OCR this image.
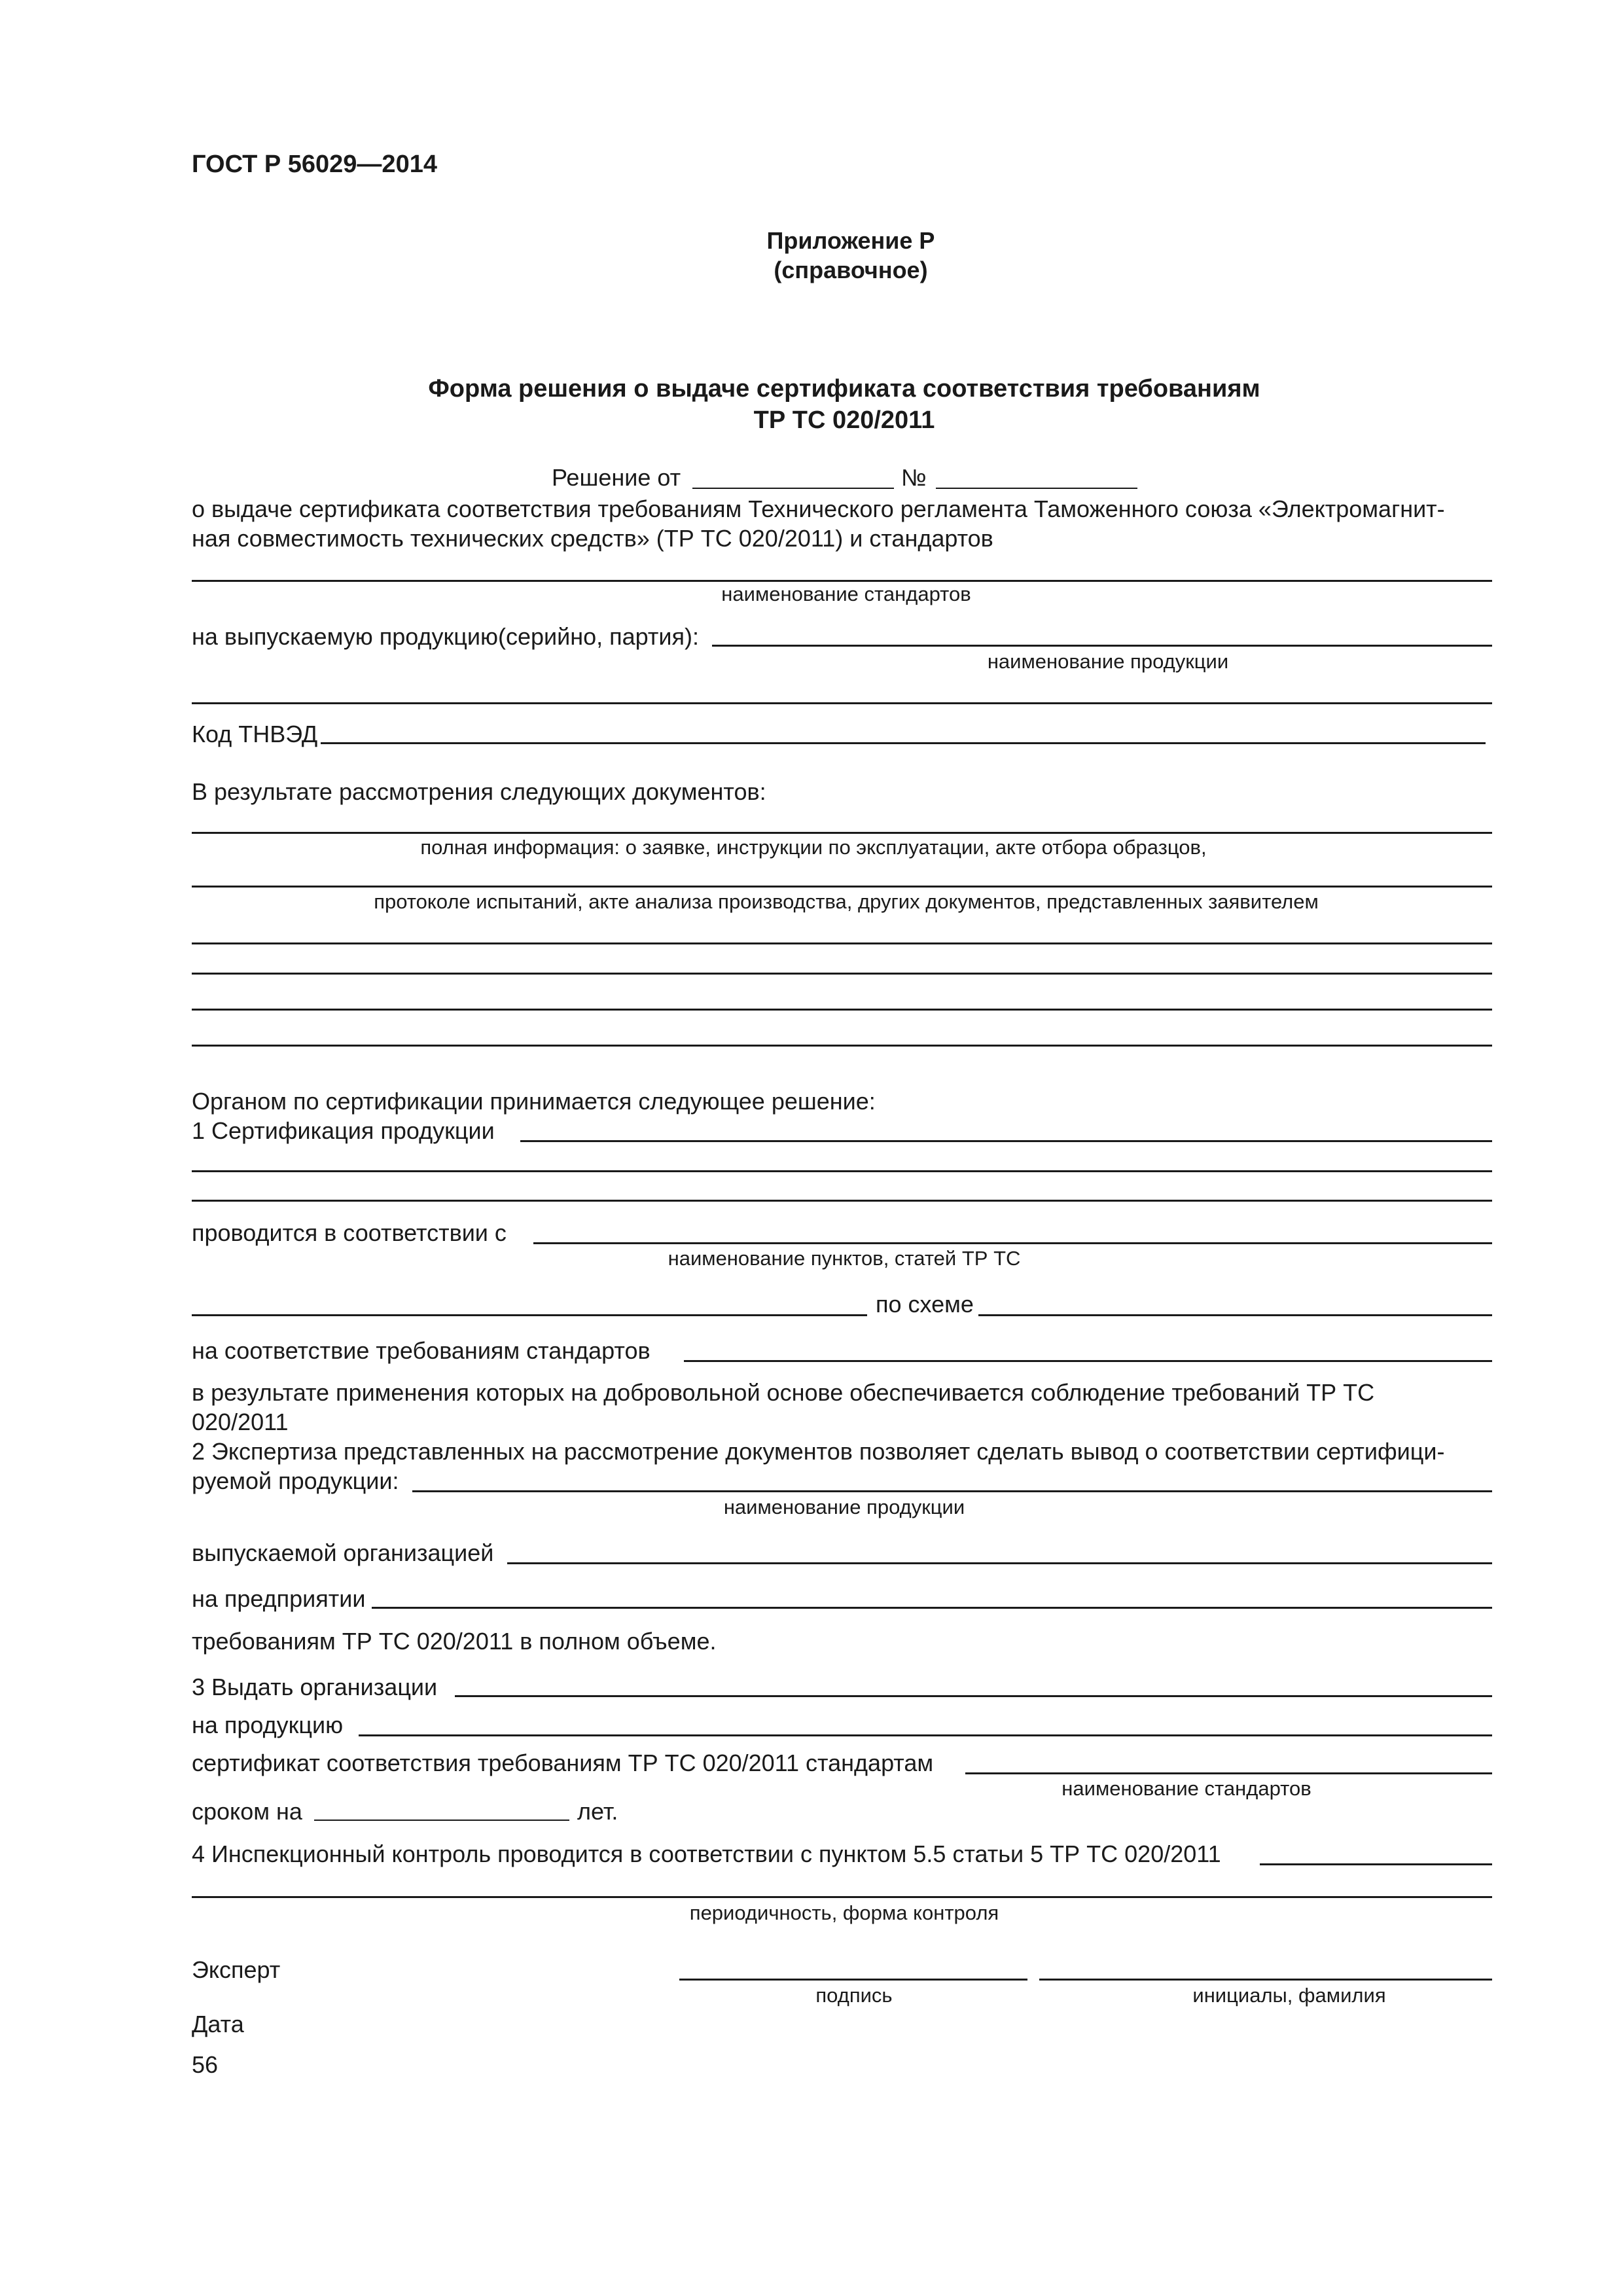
ГОСТ Р 56029—2014
Приложение Р
(справочное)
Форма решения о выдаче сертификата соответствия требованиям
ТР ТС 020/2011
Решение от	№
о выдаче сертификата соответствия требованиям Технического регламента Таможенного союза «Электромагнит-
ная совместимость технических средств» (ТР ТС 020/2011) и стандартов
наименование стандартов
на выпускаемую продукцию(серийно, партия):
наименование продукции
Код ТНВЭД
В результате рассмотрения следующих документов:
полная информация: о заявке, инструкции по эксплуатации, акте отбора образцов,
протоколе испытаний, акте анализа производства, других документов, представленных заявителем
Органом по сертификации принимается следующее решение:
1 Сертификация продукции
проводится в соответствии с
наименование пунктов, статей ТР ТС
по схеме
на соответствие требованиям стандартов
в результате применения которых на добровольной основе обеспечивается соблюдение требований ТР ТС
020/2011
2 Экспертиза представленных на рассмотрение документов позволяет сделать вывод о соответствии сертифици-
руемой продукции:
наименование продукции
выпускаемой организацией
на предприятии
требованиям ТР ТС 020/2011 в полном объеме.
3 Выдать организации
на продукцию
сертификат соответствия требованиям ТР ТС 020/2011 стандартам
наименование стандартов
сроком на	лет.
4 Инспекционный контроль проводится в соответствии с пунктом 5.5 статьи 5 ТР ТС 020/2011
периодичность, форма контроля
Эксперт
подпись	инициалы, фамилия
Дата
56
